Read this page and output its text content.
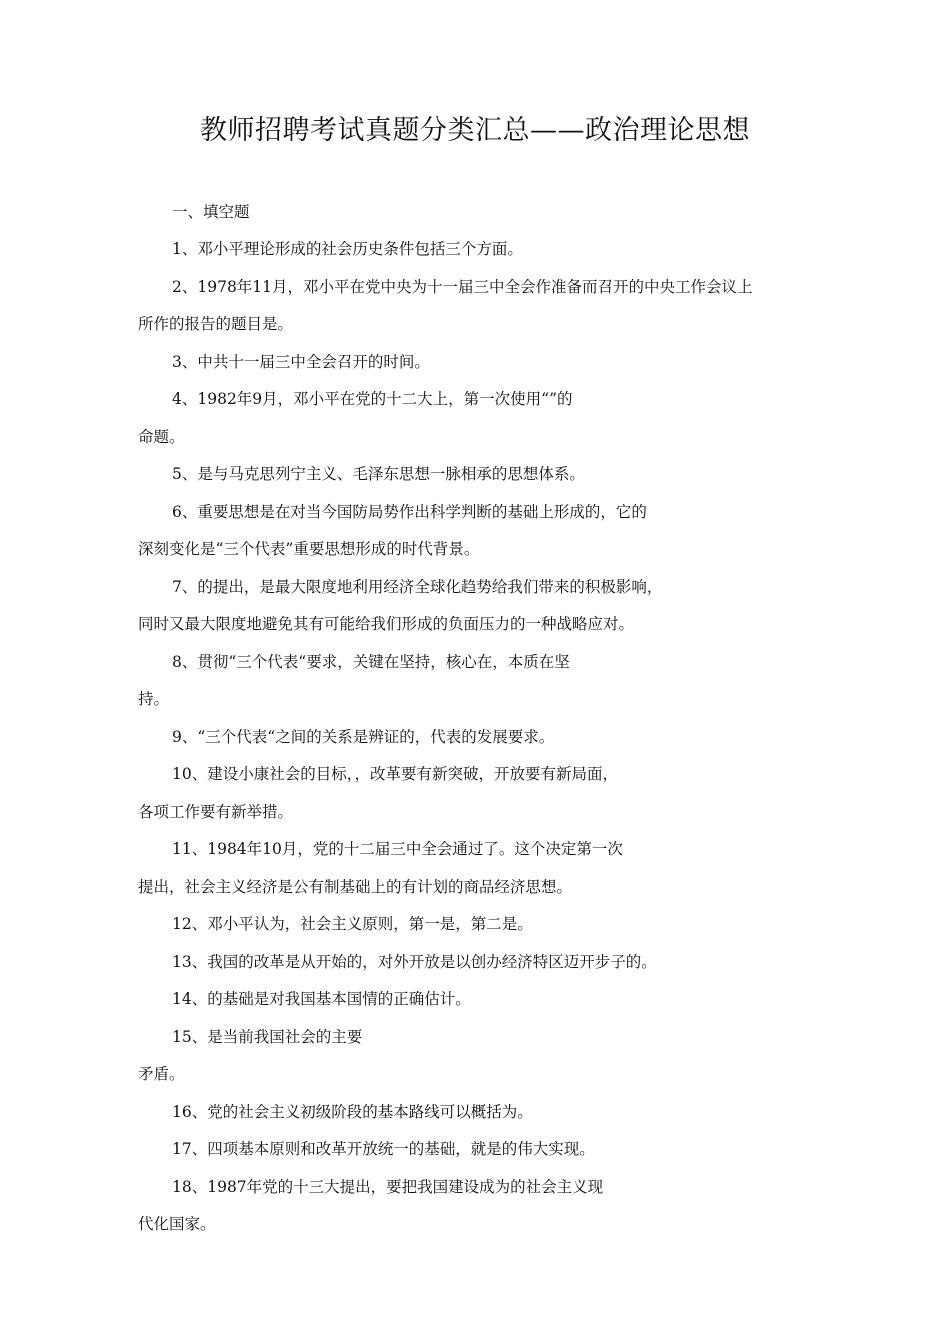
教师招聘考试真题分类汇总——政治理论思想
一、填空题
1、邓小平理论形成的社会历史条件包括三个方面。
2、1978年11月，邓小平在党中央为十一届三中全会作准备而召开的中央工作会议上
所作的报告的题目是。
3、中共十一届三中全会召开的时间。
4、1982年9月，邓小平在党的十二大上，第一次使用“”的
命题。
5、是与马克思列宁主义、毛泽东思想一脉相承的思想体系。
6、重要思想是在对当今国防局势作出科学判断的基础上形成的，它的
深刻变化是“三个代表”重要思想形成的时代背景。
7、的提出，是最大限度地利用经济全球化趋势给我们带来的积极影响，
同时又最大限度地避免其有可能给我们形成的负面压力的一种战略应对。
8、贯彻“三个代表“要求，关键在坚持，核心在，本质在坚
持。
9、“三个代表“之间的关系是辨证的，代表的发展要求。
10、建设小康社会的目标，，改革要有新突破，开放要有新局面，
各项工作要有新举措。
11、1984年10月，党的十二届三中全会通过了。这个决定第一次
提出，社会主义经济是公有制基础上的有计划的商品经济思想。
12、邓小平认为，社会主义原则，第一是，第二是。
13、我国的改革是从开始的，对外开放是以创办经济特区迈开步子的。
14、的基础是对我国基本国情的正确估计。
15、是当前我国社会的主要
矛盾。
16、党的社会主义初级阶段的基本路线可以概括为。
17、四项基本原则和改革开放统一的基础，就是的伟大实现。
18、1987年党的十三大提出，要把我国建设成为的社会主义现
代化国家。
